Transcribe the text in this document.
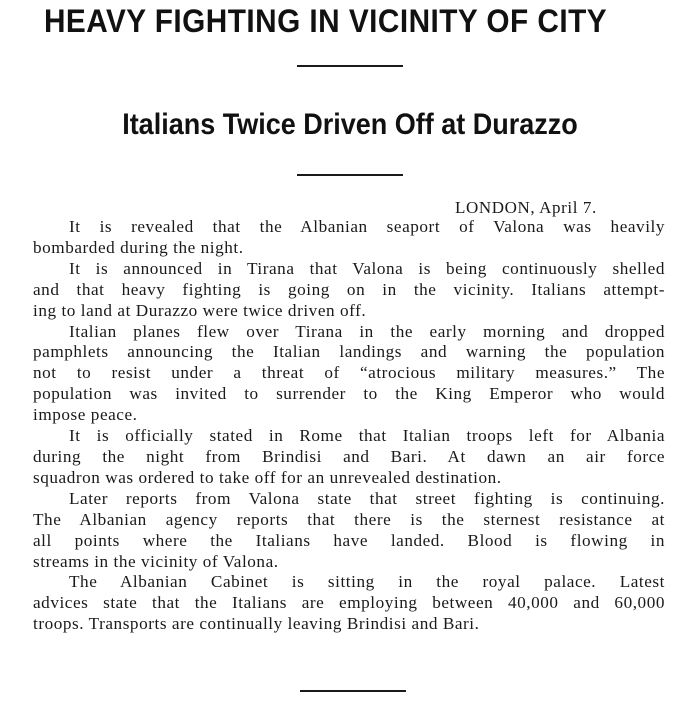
HEAVY FIGHTING IN VICINITY OF CITY
Italians Twice Driven Off at Durazzo

LONDON, April 7.

It is revealed that the Albanian seaport of Valona was heavily
bombarded during the night.

It is announced in Tirana that Valona is being continuously shelled
and that heavy fighting is going on in the vicinity. Italians attempt-
ing to land at Durazzo were twice driven off.

Italian planes flew over Tirana in the early morning and dropped
pamphlets announcing the Italian landings and warning the population
not to resist under a threat of “atrocious military measures.” The
population was invited to surrender to the King Emperor who would
impose peace.

It is officially stated in Rome that Italian troops left for Albania
during the night from Brindisi and Bari. At dawn an air force
squadron was ordered to take off for an unrevealed destination.

Later reports from Valona state that street fighting is continuing.
The Albanian agency reports that there is the sternest resistance at
all points where the Italians have landed. Blood is flowing in
streams in the vicinity of Valona.

The Albanian Cabinet is sitting in the royal palace. Latest
advices state that the Italians are employing between 40,000 and 60,000
troops. Transports are continually leaving Brindisi and Bari.
